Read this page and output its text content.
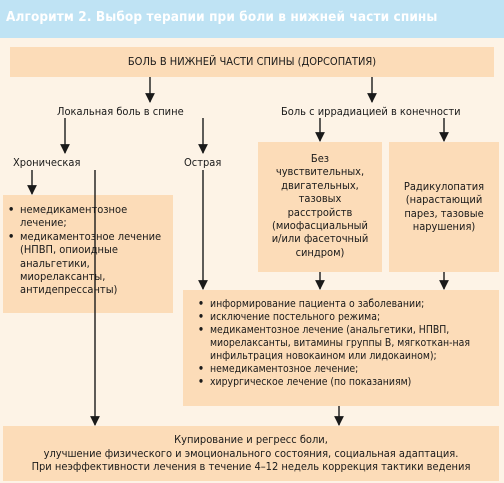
Алгоритм 2. Выбор терапии при боли в нижней части спины
БОЛЬ В НИЖНЕЙ ЧАСТИ СПИНЫ (ДОРСОПАТИЯ)
Локальная боль в спине	Боль с иррадиацией в конечности
Хроническая	Острая
• немедикаментозное лечение;
• медикаментозное лечение (НПВП, опиоидные анальгетики, миорелаксанты, антидепрессанты)
Без
чувствительных,
двигательных,
тазовых
расстройств
(миофасциальный
и/или фасеточный
синдром)
Радикулопатия
(нарастающий
парез, тазовые
нарушения)
• информирование пациента о заболевании;
• исключение постельного режима;
• медикаментозное лечение (анальгетики, НПВП, миорелаксанты, витамины группы В, мягкоткан-ная инфильтрация новокаином или лидокаином);
• немедикаментозное лечение;
• хирургическое лечение (по показаниям)
Купирование и регресс боли,
улучшение физического и эмоционального состояния, социальная адаптация.
При неэффективности лечения в течение 4–12 недель коррекция тактики ведения
